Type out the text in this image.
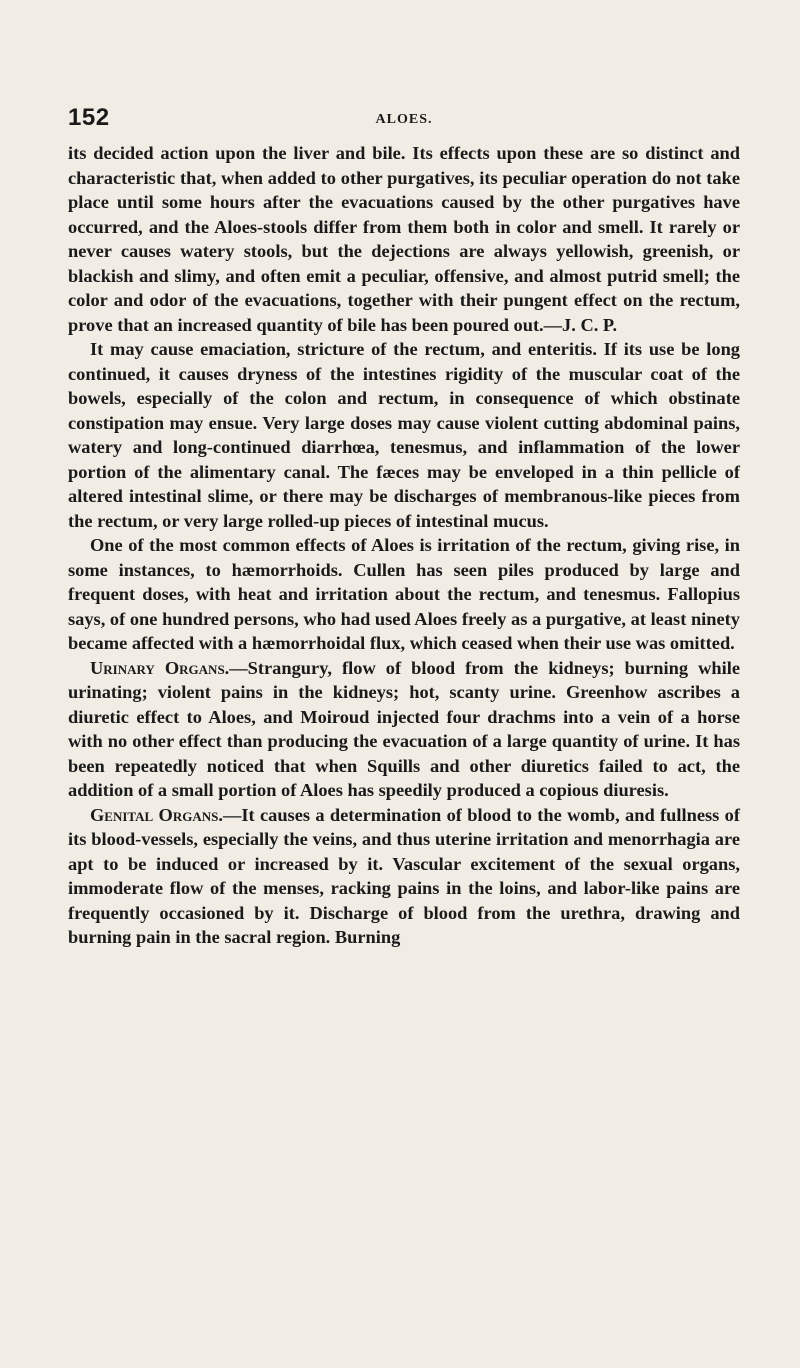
152	ALOES.

its decided action upon the liver and bile. Its effects upon these are so distinct and characteristic that, when added to other purgatives, its peculiar operation do not take place until some hours after the evacuations caused by the other purgatives have occurred, and the Aloes-stools differ from them both in color and smell. It rarely or never causes watery stools, but the dejections are always yellowish, greenish, or blackish and slimy, and often emit a peculiar, offensive, and almost putrid smell; the color and odor of the evacuations, together with their pungent effect on the rectum, prove that an increased quantity of bile has been poured out.—J. C. P.

It may cause emaciation, stricture of the rectum, and enteritis. If its use be long continued, it causes dryness of the intestines rigidity of the muscular coat of the bowels, especially of the colon and rectum, in consequence of which obstinate constipation may ensue. Very large doses may cause violent cutting abdominal pains, watery and long-continued diarrhœa, tenesmus, and inflammation of the lower portion of the alimentary canal. The fæces may be enveloped in a thin pellicle of altered intestinal slime, or there may be discharges of membranous-like pieces from the rectum, or very large rolled-up pieces of intestinal mucus.

One of the most common effects of Aloes is irritation of the rectum, giving rise, in some instances, to hæmorrhoids. Cullen has seen piles produced by large and frequent doses, with heat and irritation about the rectum, and tenesmus. Fallopius says, of one hundred persons, who had used Aloes freely as a purgative, at least ninety became affected with a hæmorrhoidal flux, which ceased when their use was omitted.

Urinary Organs.—Strangury, flow of blood from the kidneys; burning while urinating; violent pains in the kidneys; hot, scanty urine. Greenhow ascribes a diuretic effect to Aloes, and Moiroud injected four drachms into a vein of a horse with no other effect than producing the evacuation of a large quantity of urine. It has been repeatedly noticed that when Squills and other diuretics failed to act, the addition of a small portion of Aloes has speedily produced a copious diuresis.

Genital Organs.—It causes a determination of blood to the womb, and fullness of its blood-vessels, especially the veins, and thus uterine irritation and menorrhagia are apt to be induced or increased by it. Vascular excitement of the sexual organs, immoderate flow of the menses, racking pains in the loins, and labor-like pains are frequently occasioned by it. Discharge of blood from the urethra, drawing and burning pain in the sacral region. Burning
